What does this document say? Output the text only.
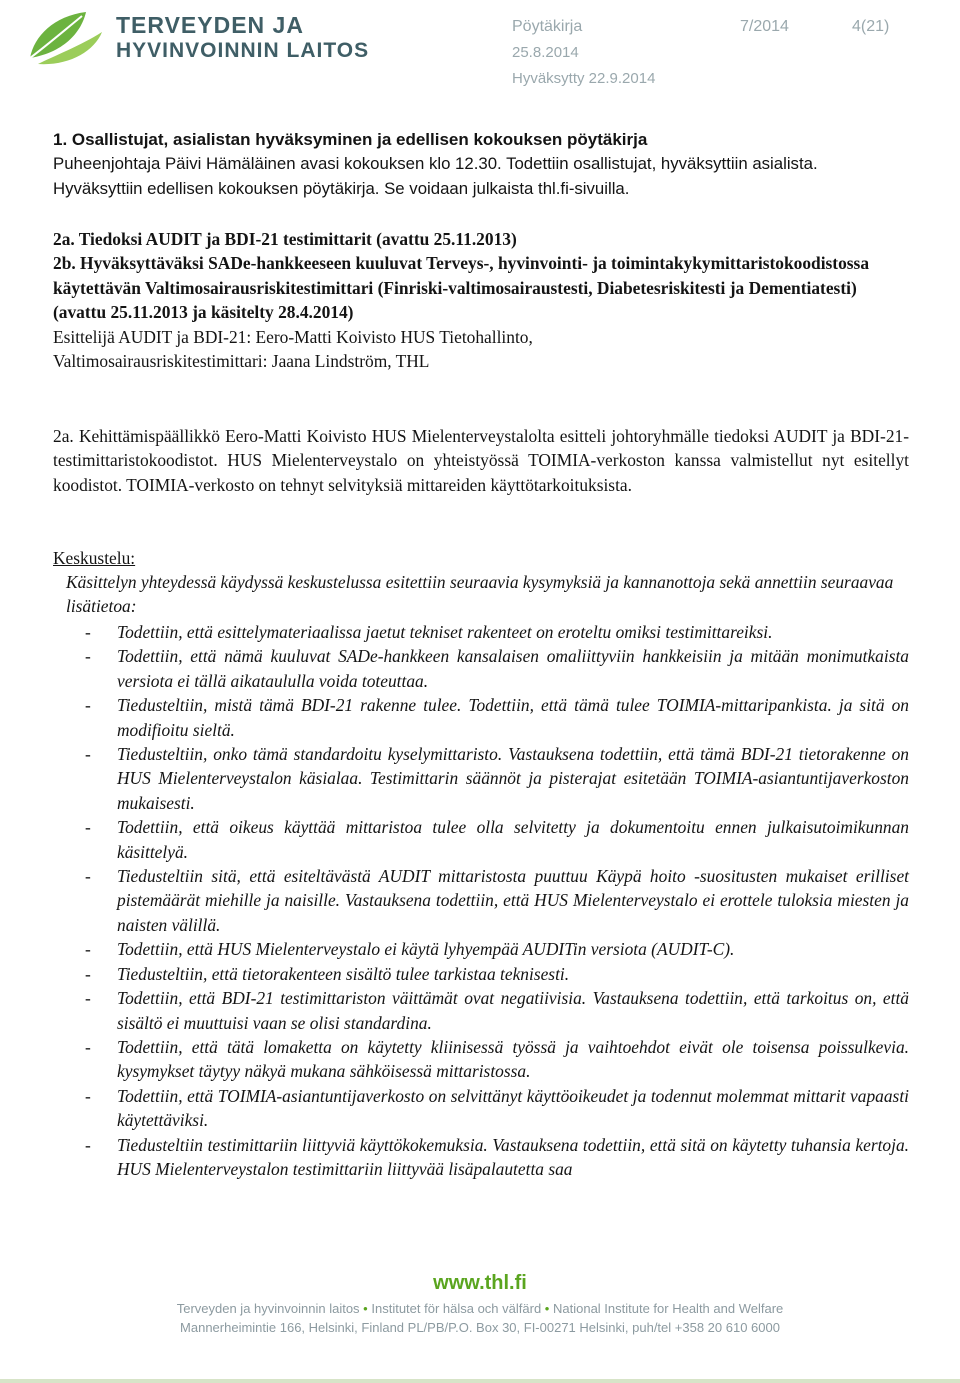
TERVEYDEN JA
HYVINVOINNIN LAITOS
Pöytäkirja	7/2014	4(21)
25.8.2014
Hyväksytty 22.9.2014

1. Osallistujat, asialistan hyväksyminen ja edellisen kokouksen pöytäkirja

Puheenjohtaja Päivi Hämäläinen avasi kokouksen klo 12.30. Todettiin osallistujat, hyväksyttiin asialista. Hyväksyttiin edellisen kokouksen pöytäkirja. Se voidaan julkaista thl.fi-sivuilla.

2a. Tiedoksi AUDIT ja BDI-21 testimittarit (avattu 25.11.2013)

2b. Hyväksyttäväksi SADe-hankkeeseen kuuluvat Terveys-, hyvinvointi- ja toimintakykymittaristokoodistossa käytettävän Valtimosairausriskitestimittari (Finriski-valtimosairaustesti, Diabetesriskitesti ja Dementiatesti) (avattu 25.11.2013 ja käsitelty 28.4.2014)

Esittelijä AUDIT ja BDI-21: Eero-Matti Koivisto HUS Tietohallinto,

Valtimosairausriskitestimittari: Jaana Lindström, THL

2a. Kehittämispäällikkö Eero-Matti Koivisto HUS Mielenterveystalolta esitteli johtoryhmälle tiedoksi AUDIT ja BDI-21-testimittaristokoodistot. HUS Mielenterveystalo on yhteistyössä TOIMIA-verkoston kanssa valmistellut nyt esitellyt koodistot. TOIMIA-verkosto on tehnyt selvityksiä mittareiden käyttötarkoituksista.
Keskustelu:
Käsittelyn yhteydessä käydyssä keskustelussa esitettiin seuraavia kysymyksiä ja kannanottoja sekä annettiin seuraavaa lisätietoa:
- Todettiin, että esittelymateriaalissa jaetut tekniset rakenteet on eroteltu omiksi testimittareiksi.
- Todettiin, että nämä kuuluvat SADe-hankkeen kansalaisen omaliittyviin hankkeisiin ja mitään monimutkaista versiota ei tällä aikataululla voida toteuttaa.
- Tiedusteltiin, mistä tämä BDI-21 rakenne tulee. Todettiin, että tämä tulee TOIMIA-mittaripankista. ja sitä on modifioitu sieltä.
- Tiedusteltiin, onko tämä standardoitu kyselymittaristo. Vastauksena todettiin, että tämä BDI-21 tietorakenne on HUS Mielenterveystalon käsialaa. Testimittarin säännöt ja pisterajat esitetään TOIMIA-asiantuntijaverkoston mukaisesti.
- Todettiin, että oikeus käyttää mittaristoa tulee olla selvitetty ja dokumentoitu ennen julkaisutoimikunnan käsittelyä.
- Tiedusteltiin sitä, että esiteltävästä AUDIT mittaristosta puuttuu Käypä hoito -suositusten mukaiset erilliset pistemäärät miehille ja naisille. Vastauksena todettiin, että HUS Mielenterveystalo ei erottele tuloksia miesten ja naisten välillä.
- Todettiin, että HUS Mielenterveystalo ei käytä lyhyempää AUDITin versiota (AUDIT-C).
- Tiedusteltiin, että tietorakenteen sisältö tulee tarkistaa teknisesti.
- Todettiin, että BDI-21 testimittariston väittämät ovat negatiivisia. Vastauksena todettiin, että tarkoitus on, että sisältö ei muuttuisi vaan se olisi standardina.
- Todettiin, että tätä lomaketta on käytetty kliinisessä työssä ja vaihtoehdot eivät ole toisensa poissulkevia. kysymykset täytyy näkyä mukana sähköisessä mittaristossa.
- Todettiin, että TOIMIA-asiantuntijaverkosto on selvittänyt käyttöoikeudet ja todennut molemmat mittarit vapaasti käytettäviksi.
- Tiedusteltiin testimittariin liittyviä käyttökokemuksia. Vastauksena todettiin, että sitä on käytetty tuhansia kertoja. HUS Mielenterveystalon testimittariin liittyvää lisäpalautetta saa
www.thl.fi
Terveyden ja hyvinvoinnin laitos • Institutet för hälsa och välfärd • National Institute for Health and Welfare
Mannerheimintie 166, Helsinki, Finland PL/PB/P.O. Box 30, FI-00271 Helsinki, puh/tel +358 20 610 6000
